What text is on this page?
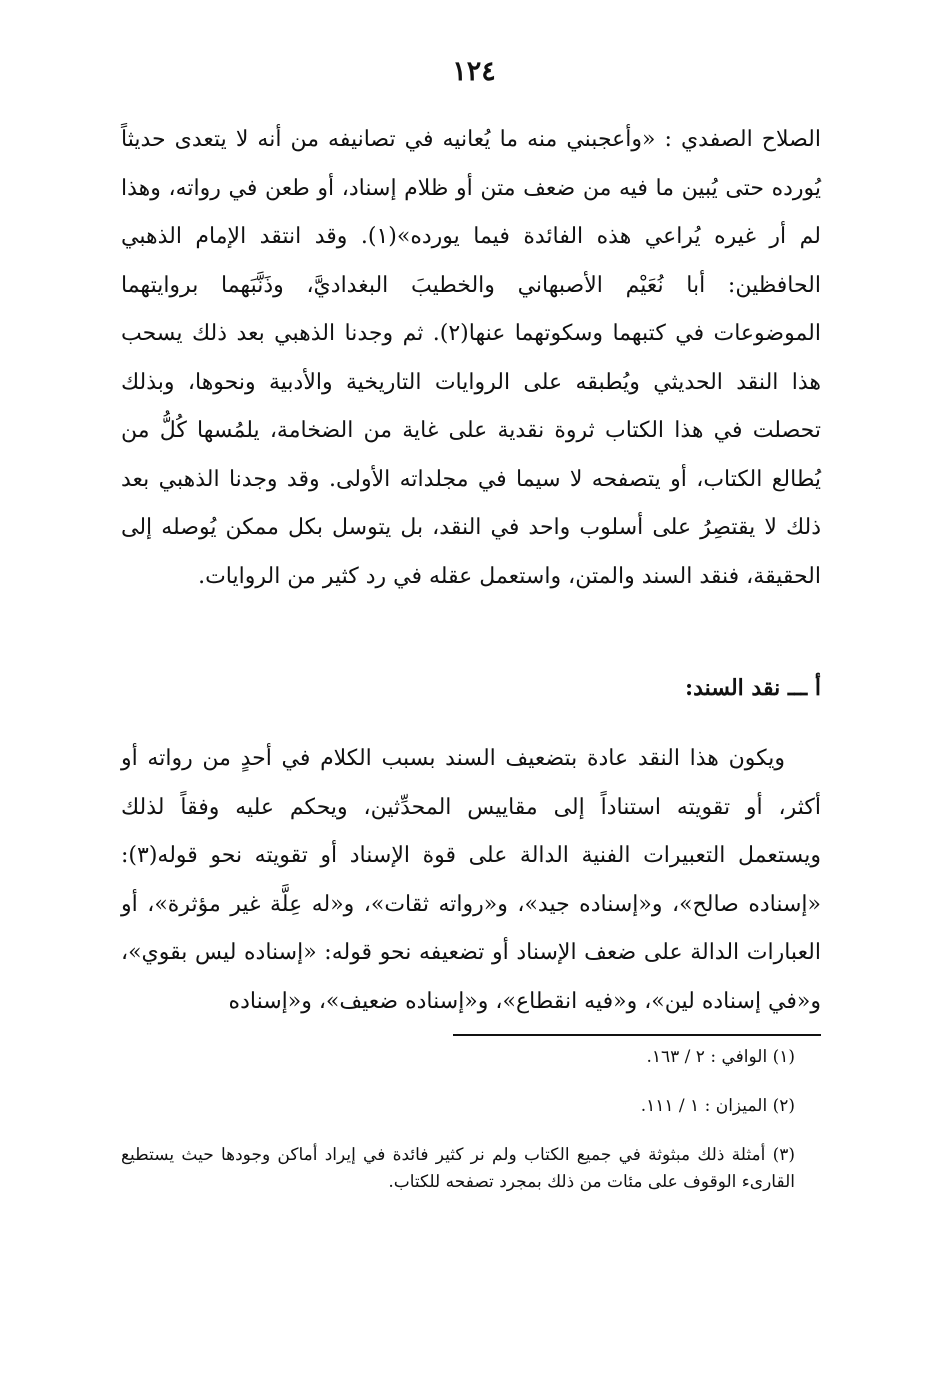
١٢٤

الصلاح الصفدي : «وأعجبني منه ما يُعانيه في تصانيفه من أنه لا يتعدى حديثاً يُورده حتى يُبين ما فيه من ضعف متن أو ظلام إسناد، أو طعن في رواته، وهذا لم أر غيره يُراعي هذه الفائدة فيما يورده»(١). وقد انتقد الإمام الذهبي الحافظين: أبا نُعَيْم الأصبهاني والخطيبَ البغداديَّ، وذَنَّبَهما بروايتهما الموضوعات في كتبهما وسكوتهما عنها(٢). ثم وجدنا الذهبي بعد ذلك يسحب هذا النقد الحديثي ويُطبقه على الروايات التاريخية والأدبية ونحوها، وبذلك تحصلت في هذا الكتاب ثروة نقدية على غاية من الضخامة، يلمُسها كُلُّ من يُطالع الكتاب، أو يتصفحه لا سيما في مجلداته الأولى. وقد وجدنا الذهبي بعد ذلك لا يقتصِرُ على أسلوب واحد في النقد، بل يتوسل بكل ممكن يُوصله إلى الحقيقة، فنقد السند والمتن، واستعمل عقله في رد كثير من الروايات.

أ ـــ نقد السند:

ويكون هذا النقد عادة بتضعيف السند بسبب الكلام في أحدٍ من رواته أو أكثر، أو تقويته استناداً إلى مقاييس المحدِّثين، ويحكم عليه وفقاً لذلك ويستعمل التعبيرات الفنية الدالة على قوة الإسناد أو تقويته نحو قوله(٣): «إسناده صالح»، و«إسناده جيد»، و«رواته ثقات»، و«له عِلَّة غير مؤثرة»، أو العبارات الدالة على ضعف الإسناد أو تضعيفه نحو قوله: «إسناده ليس بقوي»، و«في إسناده لين»، و«فيه انقطاع»، و«إسناده ضعيف»، و«إسناده

(١) الوافي : ٢ / ١٦٣.

(٢) الميزان : ١ / ١١١.

(٣) أمثلة ذلك مبثوثة في جميع الكتاب ولم نر كثير فائدة في إيراد أماكن وجودها حيث يستطيع القارىء الوقوف على مئات من ذلك بمجرد تصفحه للكتاب.
